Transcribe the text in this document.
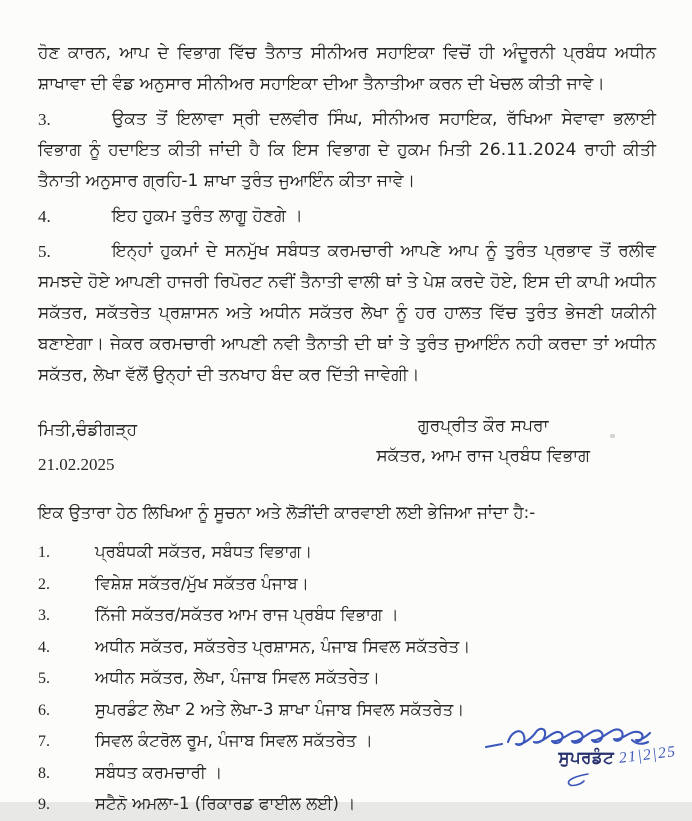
ਹੋਣ ਕਾਰਨ, ਆਪ ਦੇ ਵਿਭਾਗ ਵਿੱਚ ਤੈਨਾਤ ਸੀਨੀਅਰ ਸਹਾਇਕਾ ਵਿਚੋਂ ਹੀ ਅੰਦੂਰਨੀ ਪ੍ਰਬੰਧ ਅਧੀਨ ਸ਼ਾਖਾਵਾ ਦੀ ਵੰਡ ਅਨੁਸਾਰ ਸੀਨੀਅਰ ਸਹਾਇਕਾ ਦੀਆ ਤੈਨਾਤੀਆ ਕਰਨ ਦੀ ਖੇਚਲ ਕੀਤੀ ਜਾਵੇ।

3.	ਉਕਤ ਤੋਂ ਇਲਾਵਾ ਸ੍ਰੀ ਦਲਵੀਰ ਸਿੰਘ, ਸੀਨੀਅਰ ਸਹਾਇਕ, ਰੱਖਿਆ ਸੇਵਾਵਾ ਭਲਾਈ ਵਿਭਾਗ ਨੂੰ ਹਦਾਇਤ ਕੀਤੀ ਜਾਂਦੀ ਹੈ ਕਿ ਇਸ ਵਿਭਾਗ ਦੇ ਹੁਕਮ ਮਿਤੀ 26.11.2024 ਰਾਹੀ ਕੀਤੀ ਤੈਨਾਤੀ ਅਨੁਸਾਰ ਗ੍ਰਹਿ-1 ਸ਼ਾਖਾ ਤੁਰੰਤ ਜੁਆਇੰਨ ਕੀਤਾ ਜਾਵੇ।

4.	ਇਹ ਹੁਕਮ ਤੁਰੰਤ ਲਾਗੂ ਹੋਣਗੇ ।

5.	ਇਨ੍ਹਾਂ ਹੁਕਮਾਂ ਦੇ ਸਨਮੁੱਖ ਸਬੰਧਤ ਕਰਮਚਾਰੀ ਆਪਣੇ ਆਪ ਨੂੰ ਤੁਰੰਤ ਪ੍ਰਭਾਵ ਤੋਂ ਰਲੀਵ ਸਮਝਦੇ ਹੋਏ ਆਪਣੀ ਹਾਜਰੀ ਰਿਪੋਰਟ ਨਵੀਂ ਤੈਨਾਤੀ ਵਾਲੀ ਥਾਂ ਤੇ ਪੇਸ਼ ਕਰਦੇ ਹੋਏ, ਇਸ ਦੀ ਕਾਪੀ ਅਧੀਨ ਸਕੱਤਰ, ਸਕੱਤਰੇਤ ਪ੍ਰਸ਼ਾਸਨ ਅਤੇ ਅਧੀਨ ਸਕੱਤਰ ਲੇਖਾ ਨੂੰ ਹਰ ਹਾਲਤ ਵਿੱਚ ਤੁਰੰਤ ਭੇਜਣੀ ਯਕੀਨੀ ਬਣਾਏਗਾ। ਜੇਕਰ ਕਰਮਚਾਰੀ ਆਪਣੀ ਨਵੀ ਤੈਨਾਤੀ ਦੀ ਥਾਂ ਤੇ ਤੁਰੰਤ ਜੁਆਇੰਨ ਨਹੀ ਕਰਦਾ ਤਾਂ ਅਧੀਨ ਸਕੱਤਰ, ਲੇਖਾ ਵੱਲੋਂ ਉਨ੍ਹਾਂ ਦੀ ਤਨਖਾਹ ਬੰਦ ਕਰ ਦਿੱਤੀ ਜਾਵੇਗੀ।

ਮਿਤੀ,ਚੰਡੀਗੜ੍ਹ
21.02.2025
ਗੁਰਪ੍ਰੀਤ ਕੌਰ ਸਪਰਾ
ਸਕੱਤਰ, ਆਮ ਰਾਜ ਪ੍ਰਬੰਧ ਵਿਭਾਗ
ਇਕ ਉਤਾਰਾ ਹੇਠ ਲਿਖਿਆ ਨੂੰ ਸੂਚਨਾ ਅਤੇ ਲੋੜੀਂਦੀ ਕਾਰਵਾਈ ਲਈ ਭੇਜਿਆ ਜਾਂਦਾ ਹੈ:-
1.	ਪ੍ਰਬੰਧਕੀ ਸਕੱਤਰ, ਸਬੰਧਤ ਵਿਭਾਗ।
2.	ਵਿਸ਼ੇਸ਼ ਸਕੱਤਰ/ਮੁੱਖ ਸਕੱਤਰ ਪੰਜਾਬ।
3.	ਨਿੱਜੀ ਸਕੱਤਰ/ਸਕੱਤਰ ਆਮ ਰਾਜ ਪ੍ਰਬੰਧ ਵਿਭਾਗ ।
4.	ਅਧੀਨ ਸਕੱਤਰ, ਸਕੱਤਰੇਤ ਪ੍ਰਸ਼ਾਸਨ, ਪੰਜਾਬ ਸਿਵਲ ਸਕੱਤਰੇਤ।
5.	ਅਧੀਨ ਸਕੱਤਰ, ਲੇਖਾ, ਪੰਜਾਬ ਸਿਵਲ ਸਕੱਤਰੇਤ।
6.	ਸੁਪਰਡੰਟ ਲੇਖਾ 2 ਅਤੇ ਲੇਖਾ-3 ਸ਼ਾਖਾ ਪੰਜਾਬ ਸਿਵਲ ਸਕੱਤਰੇਤ।
7.	ਸਿਵਲ ਕੰਟਰੋਲ ਰੂਮ, ਪੰਜਾਬ ਸਿਵਲ ਸਕੱਤਰੇਤ ।
8.	ਸਬੰਧਤ ਕਰਮਚਾਰੀ ।
9.	ਸਟੈਨੋ ਅਮਲਾ-1 (ਰਿਕਾਰਡ ਫਾਈਲ ਲਈ) ।
ਸੁਪਰਡੰਟ 21|2|25
